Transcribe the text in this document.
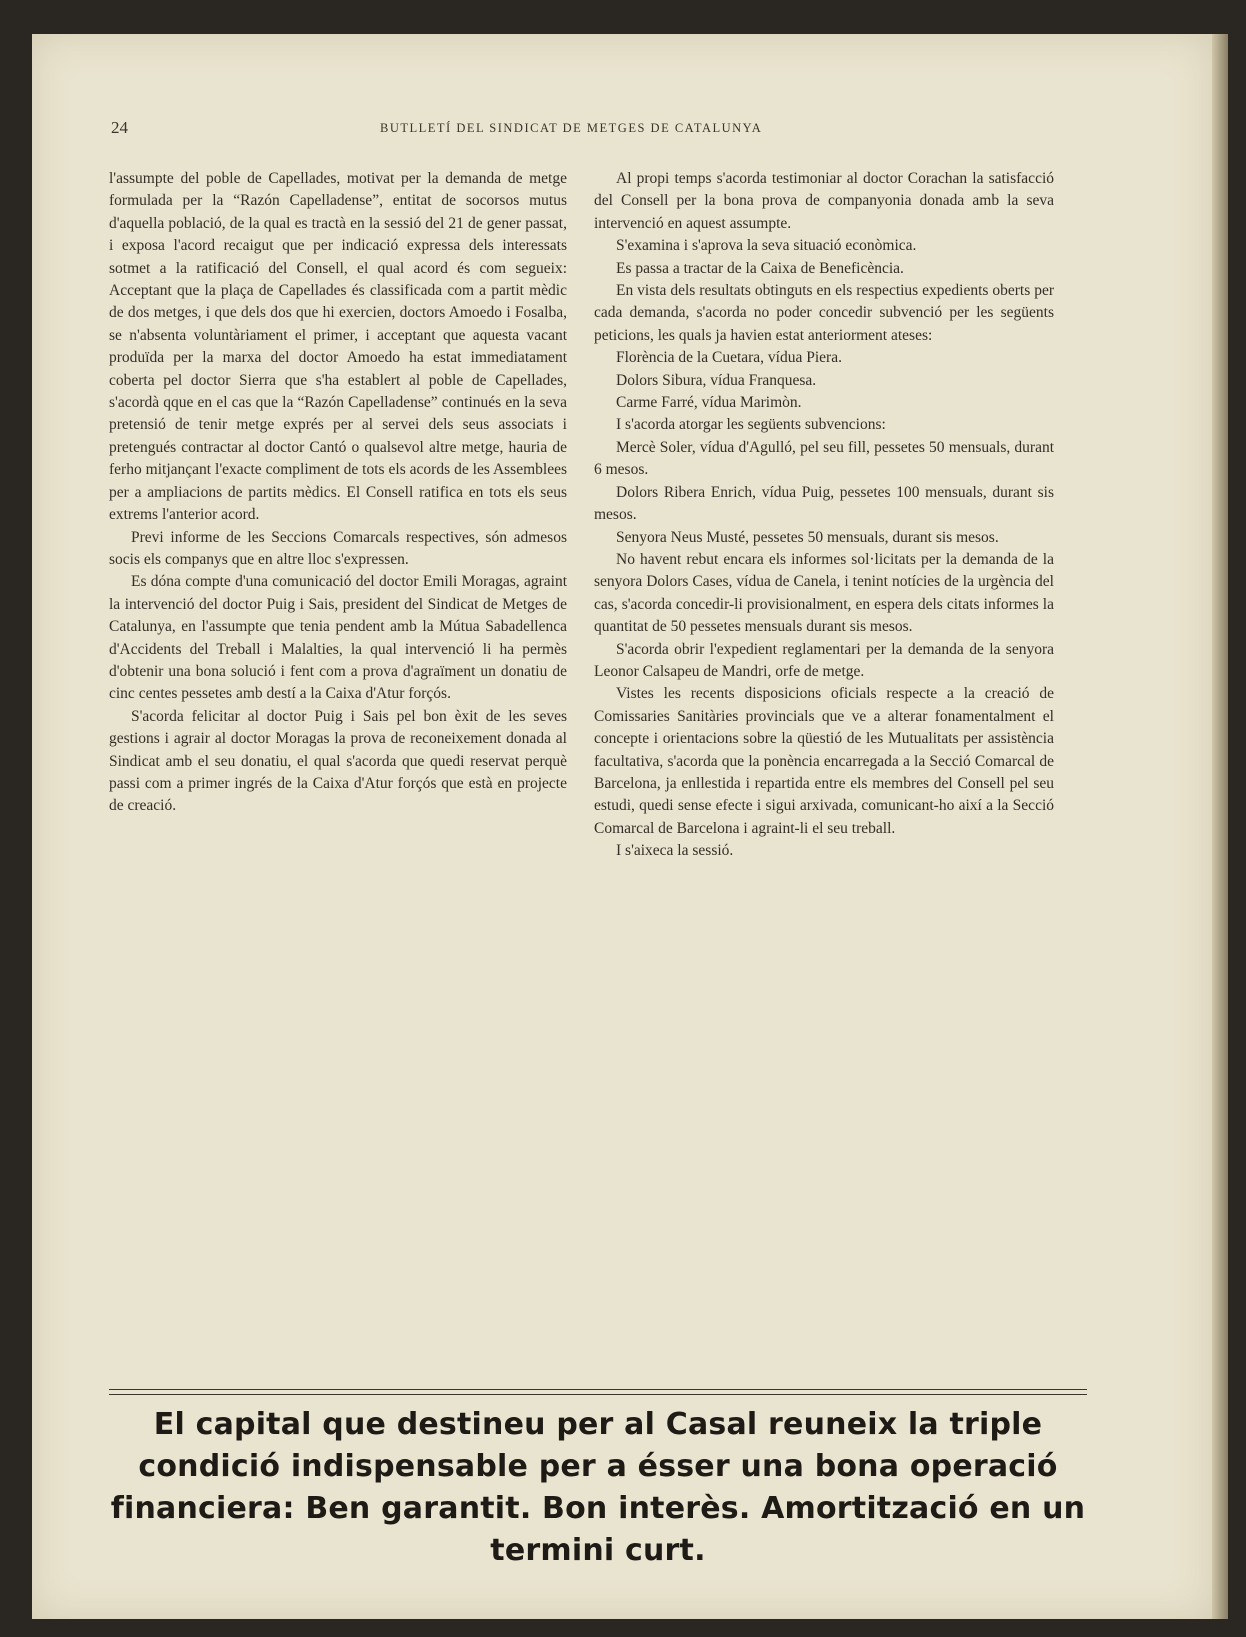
24	BUTLLETÍ DEL SINDICAT DE METGES DE CATALUNYA

l'assumpte del poble de Capellades, motivat per la demanda de metge formulada per la “Razón Capelladense”, entitat de socorsos mutus d'aquella població, de la qual es tractà en la sessió del 21 de gener passat, i exposa l'acord recaigut que per indicació expressa dels interessats sotmet a la ratificació del Consell, el qual acord és com segueix: Acceptant que la plaça de Capellades és classificada com a partit mèdic de dos metges, i que dels dos que hi exercien, doctors Amoedo i Fosalba, se n'absenta voluntàriament el primer, i acceptant que aquesta vacant produïda per la marxa del doctor Amoedo ha estat immediatament coberta pel doctor Sierra que s'ha establert al poble de Capellades, s'acordà qque en el cas que la “Razón Capelladense” continués en la seva pretensió de tenir metge exprés per al servei dels seus associats i pretengués contractar al doctor Cantó o qualsevol altre metge, hauria de ferho mitjançant l'exacte compliment de tots els acords de les Assemblees per a ampliacions de partits mèdics. El Consell ratifica en tots els seus extrems l'anterior acord.

Previ informe de les Seccions Comarcals respectives, són admesos socis els companys que en altre lloc s'expressen.

Es dóna compte d'una comunicació del doctor Emili Moragas, agraint la intervenció del doctor Puig i Sais, president del Sindicat de Metges de Catalunya, en l'assumpte que tenia pendent amb la Mútua Sabadellenca d'Accidents del Treball i Malalties, la qual intervenció li ha permès d'obtenir una bona solució i fent com a prova d'agraïment un donatiu de cinc centes pessetes amb destí a la Caixa d'Atur forçós.

S'acorda felicitar al doctor Puig i Sais pel bon èxit de les seves gestions i agrair al doctor Moragas la prova de reconeixement donada al Sindicat amb el seu donatiu, el qual s'acorda que quedi reservat perquè passi com a primer ingrés de la Caixa d'Atur forçós que està en projecte de creació.

Al propi temps s'acorda testimoniar al doctor Corachan la satisfacció del Consell per la bona prova de companyonia donada amb la seva intervenció en aquest assumpte.

S'examina i s'aprova la seva situació econòmica.

Es passa a tractar de la Caixa de Beneficència.

En vista dels resultats obtinguts en els respectius expedients oberts per cada demanda, s'acorda no poder concedir subvenció per les següents peticions, les quals ja havien estat anteriorment ateses:

Florència de la Cuetara, vídua Piera.

Dolors Sibura, vídua Franquesa.

Carme Farré, vídua Marimòn.

I s'acorda atorgar les següents subvencions:

Mercè Soler, vídua d'Agulló, pel seu fill, pessetes 50 mensuals, durant 6 mesos.

Dolors Ribera Enrich, vídua Puig, pessetes 100 mensuals, durant sis mesos.

Senyora Neus Musté, pessetes 50 mensuals, durant sis mesos.

No havent rebut encara els informes sol·licitats per la demanda de la senyora Dolors Cases, vídua de Canela, i tenint notícies de la urgència del cas, s'acorda concedir-li provisionalment, en espera dels citats informes la quantitat de 50 pessetes mensuals durant sis mesos.

S'acorda obrir l'expedient reglamentari per la demanda de la senyora Leonor Calsapeu de Mandri, orfe de metge.

Vistes les recents disposicions oficials respecte a la creació de Comissaries Sanitàries provincials que ve a alterar fonamentalment el concepte i orientacions sobre la qüestió de les Mutualitats per assistència facultativa, s'acorda que la ponència encarregada a la Secció Comarcal de Barcelona, ja enllestida i repartida entre els membres del Consell pel seu estudi, quedi sense efecte i sigui arxivada, comunicant-ho així a la Secció Comarcal de Barcelona i agraint-li el seu treball.

I s'aixeca la sessió.

El capital que destineu per al Casal reuneix la triple condició indispensable per a ésser una bona operació financiera: Ben garantit. Bon interès. Amortització en un termini curt.
